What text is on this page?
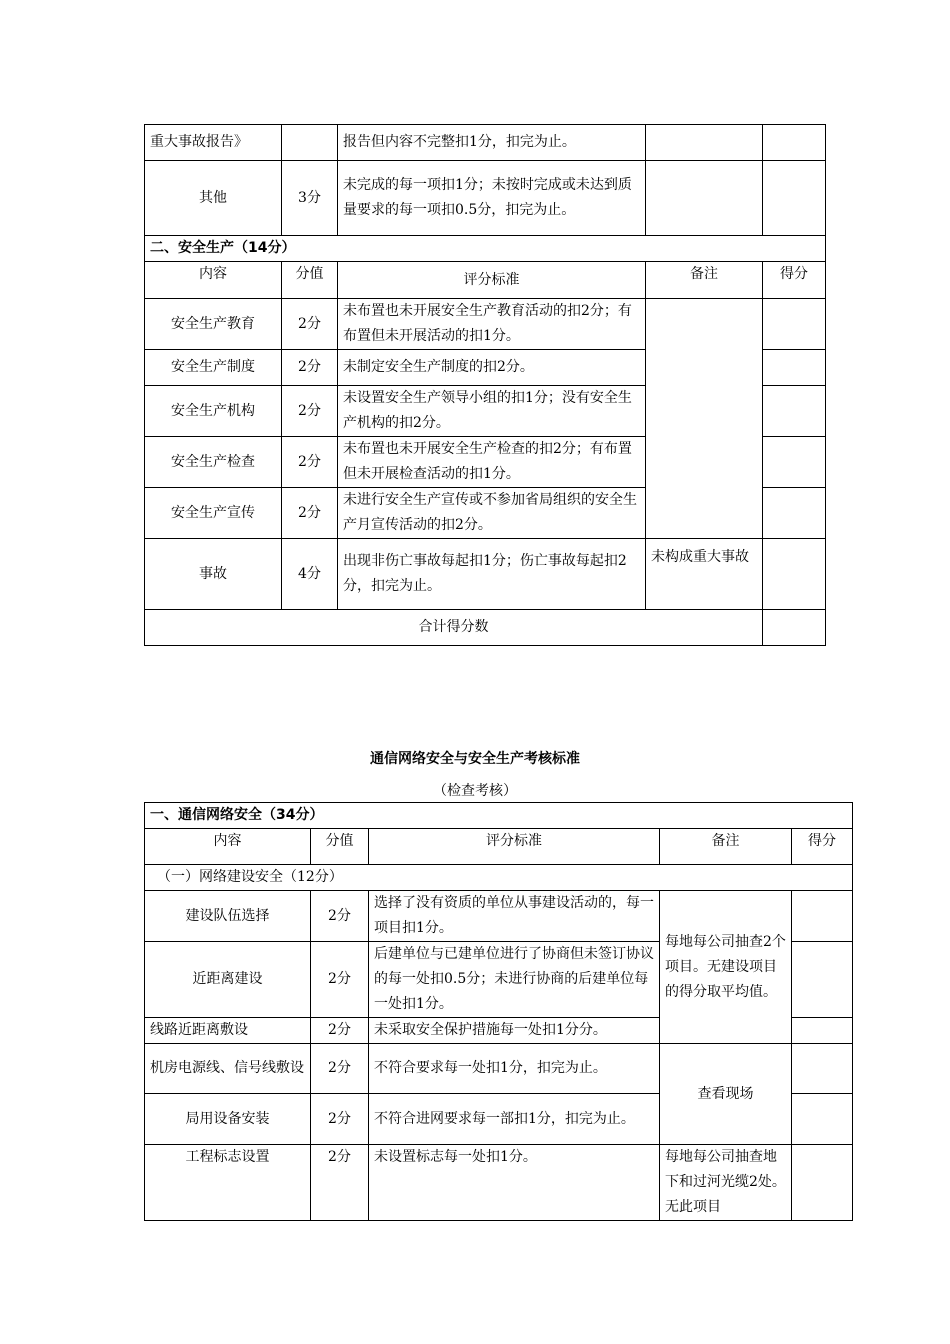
重大事故报告》		报告但内容不完整扣1分，扣完为止。		
其他	3分	未完成的每一项扣1分；未按时完成或未达到质量要求的每一项扣0.5分，扣完为止。		
二、安全生产（14分）				
内容	分值	评分标准	备注	得分
安全生产教育	2分	未布置也未开展安全生产教育活动的扣2分；有布置但未开展活动的扣1分。		
安全生产制度	2分	未制定安全生产制度的扣2分。		
安全生产机构	2分	未设置安全生产领导小组的扣1分；没有安全生产机构的扣2分。		
安全生产检查	2分	未布置也未开展安全生产检查的扣2分；有布置但未开展检查活动的扣1分。		
安全生产宣传	2分	未进行安全生产宣传或不参加省局组织的安全生产月宣传活动的扣2分。		
事故	4分	出现非伤亡事故每起扣1分；伤亡事故每起扣2分，扣完为止。	未构成重大事故	
合计得分数				
通信网络安全与安全生产考核标准
（检查考核）
一、通信网络安全（34分）				
内容	分值	评分标准	备注	得分
（一）网络建设安全（12分）				
建设队伍选择	2分	选择了没有资质的单位从事建设活动的，每一项目扣1分。	每地每公司抽查2个项目。无建设项目的得分取平均值。	
近距离建设	2分	后建单位与已建单位进行了协商但未签订协议的每一处扣0.5分；未进行协商的后建单位每一处扣1分。		
线路近距离敷设	2分	未采取安全保护措施每一处扣1分分。		
机房电源线、信号线敷设	2分	不符合要求每一处扣1分，扣完为止。	查看现场	
局用设备安装	2分	不符合进网要求每一部扣1分，扣完为止。		
工程标志设置	2分	未设置标志每一处扣1分。	每地每公司抽查地下和过河光缆2处。无此项目	
